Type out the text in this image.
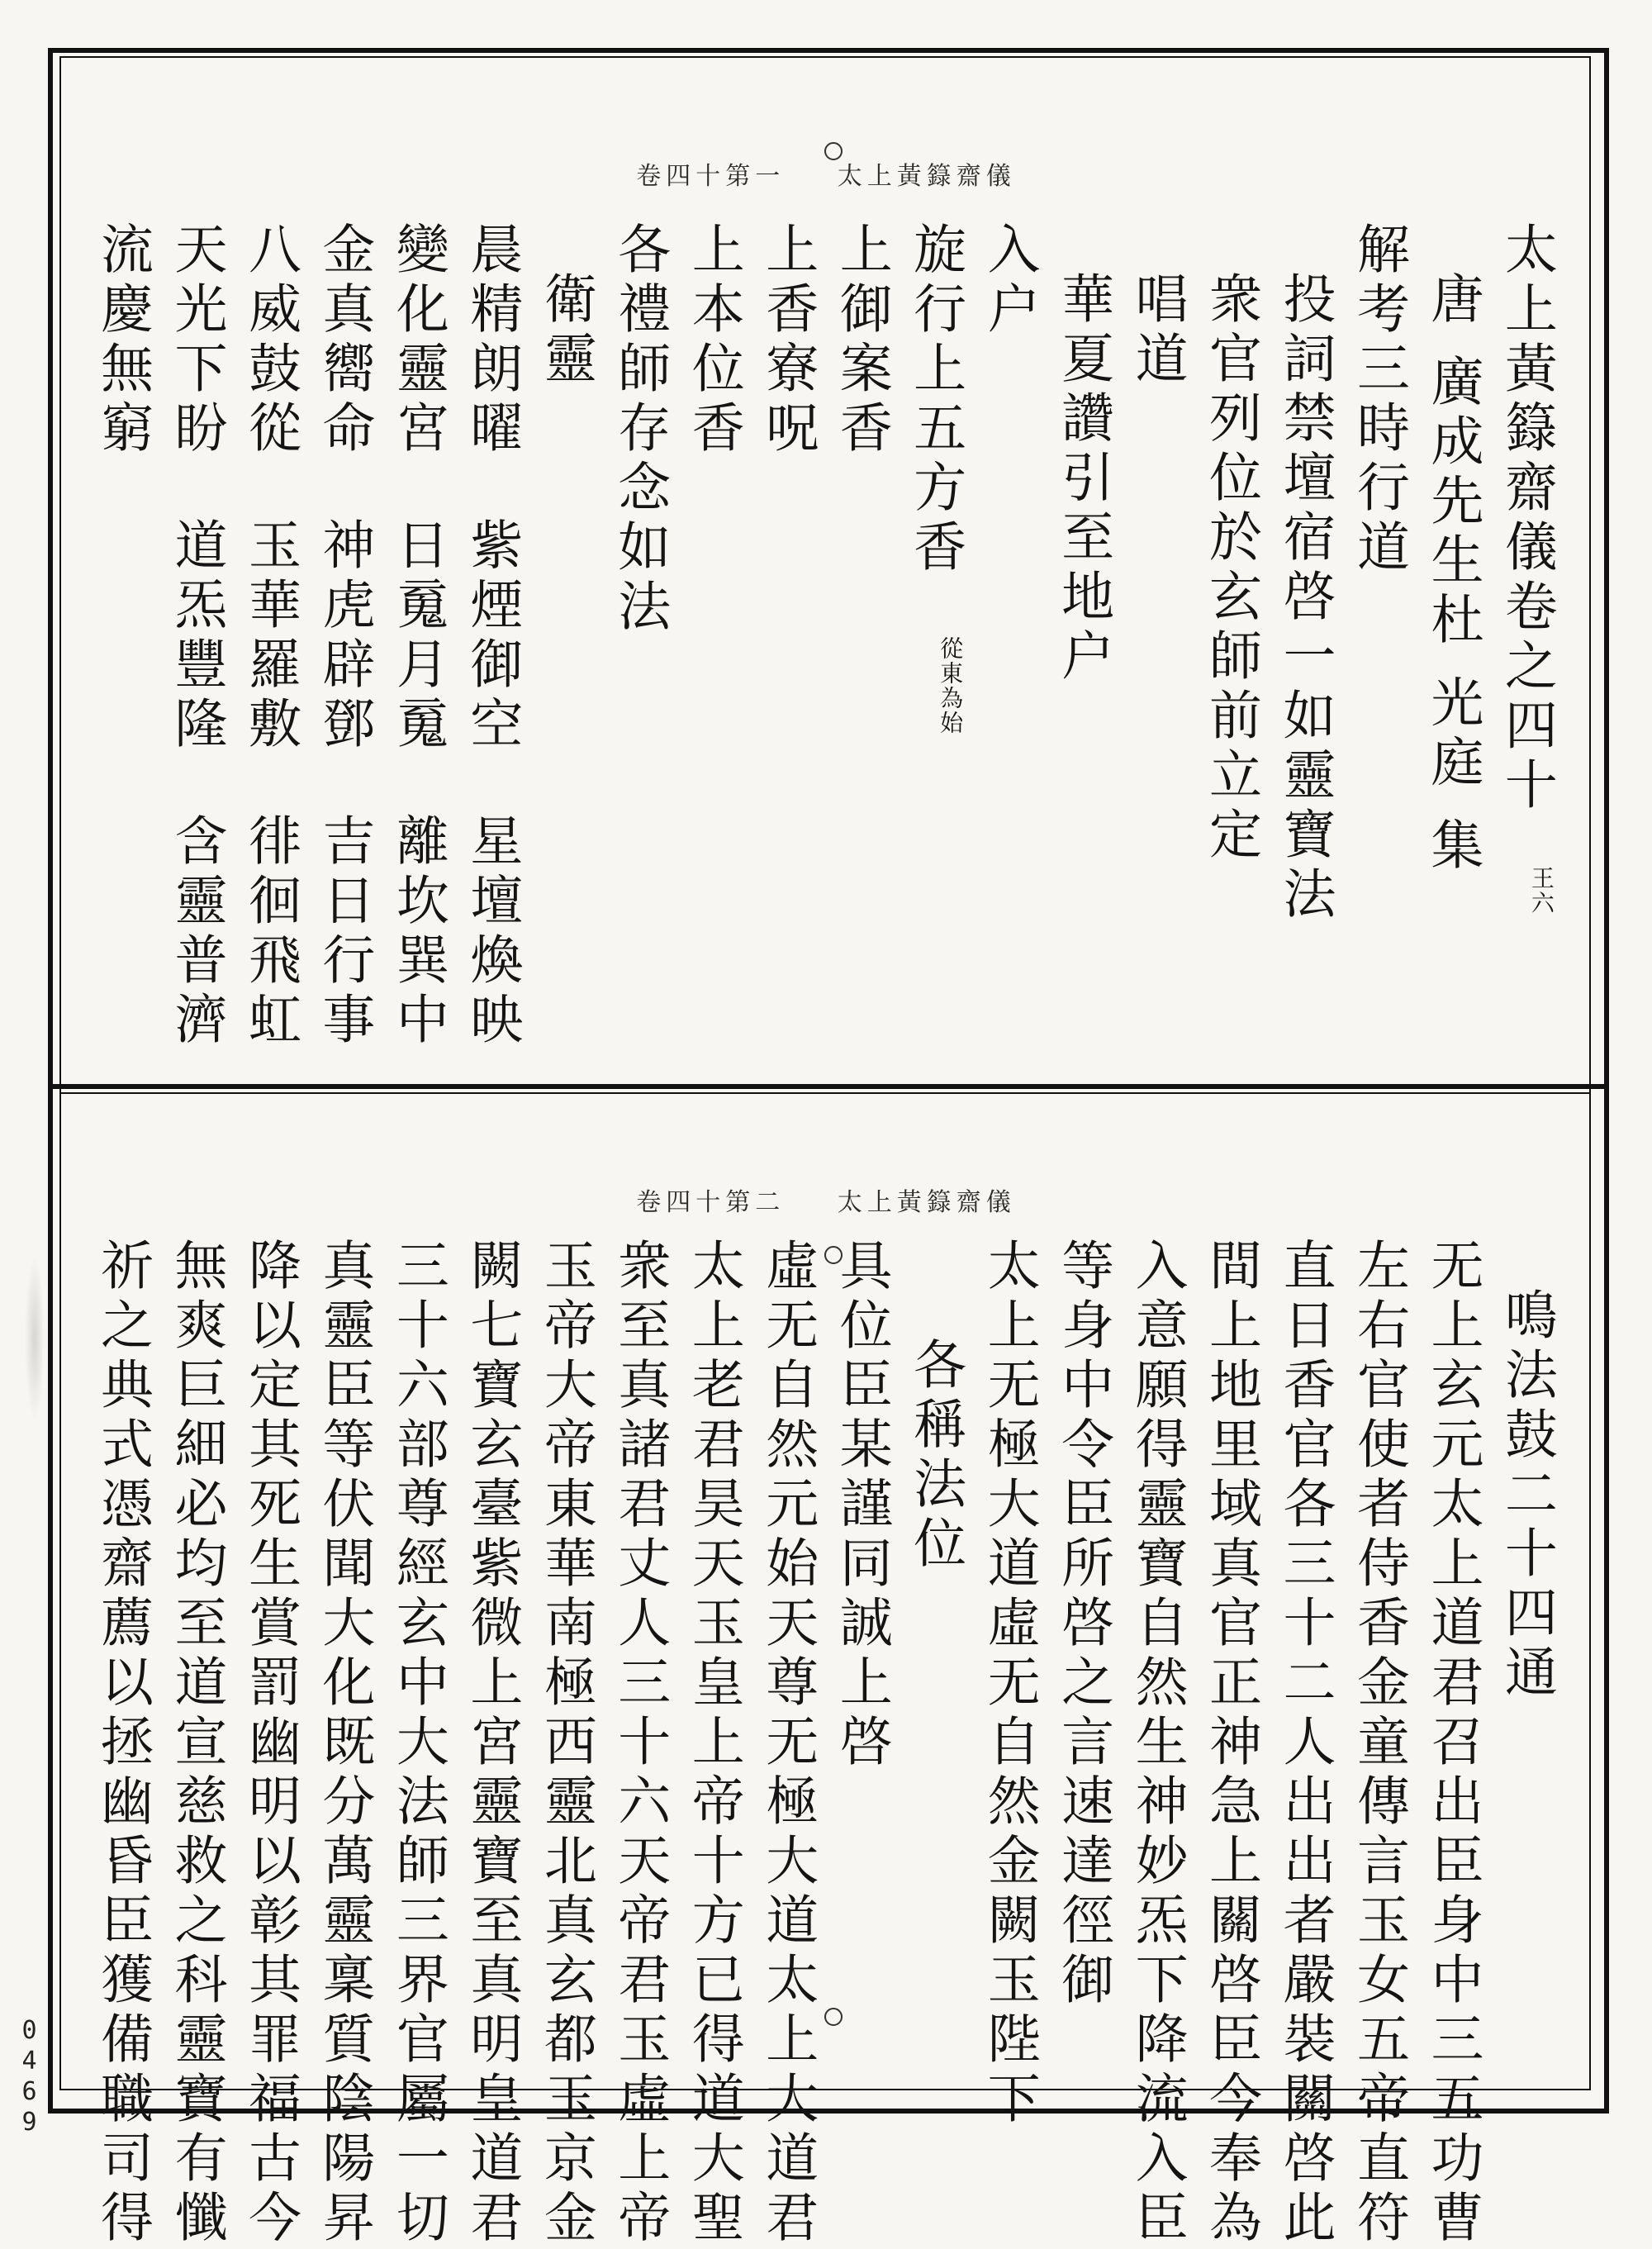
卷四十第一 太上黃籙齋儀
太上黃籙齋儀卷之四十
王六
唐 廣成先生杜 光庭 集
解考三時行道
投詞禁壇宿啓一如靈寶法
衆官列位於玄師前立定
唱道
華夏讚引至地户
入户
旋行上五方香
從東為始
上御案香
上香寮呪
上本位香
各禮師存念如法
衛靈
晨精朗曜
紫煙御空
星壇煥映
變化靈宮
日䰟月䰟
離坎巽中
金真嚮命
神虎辟鄧
吉日行事
八威鼓從
玉華羅敷
徘徊飛虹
天光下盼
道炁豐隆
含靈普濟
流慶無窮
卷四十第二 太上黃籙齋儀
鳴法鼓二十四通
无上玄元太上道君召出臣身中三五功曹
左右官使者侍香金童傳言玉女五帝直符
直日香官各三十二人出出者嚴裝關啓此
間上地里域真官正神急上關啓臣今奉為
入意願得靈寶自然生神妙炁下降流入臣
等身中令臣所啓之言速達徑御
太上无極大道虛无自然金闕玉陛下
各稱法位
具位臣某謹同誠上啓
虛无自然元始天尊无極大道太上大道君
太上老君昊天玉皇上帝十方已得道大聖
衆至真諸君丈人三十六天帝君玉虛上帝
玉帝大帝東華南極西靈北真玄都玉京金
闕七寶玄臺紫微上宮靈寶至真明皇道君
三十六部尊經玄中大法師三界官屬一切
真靈臣等伏聞大化既分萬靈稟質陰陽昇
降以定其死生賞罰幽明以彰其罪福古今
無爽巨細必均至道宣慈救之科靈寶有懺
祈之典式憑齋薦以拯幽昏臣獲備職司得
0469
